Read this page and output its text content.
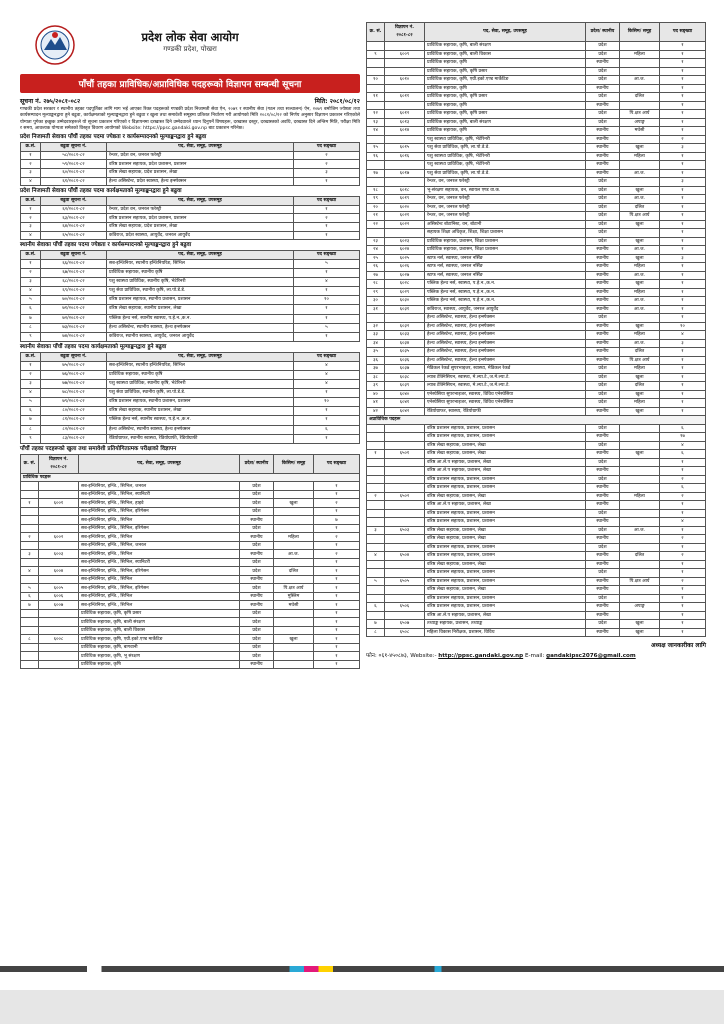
प्रदेश लोक सेवा आयोग
गण्डकी प्रदेश, पोखरा
पाँचौं तहका प्राविधिक/अप्राविधिक पदहरूको विज्ञापन सम्बन्धी सूचना
सूचना नं. २७५/२०८१-०८२	मिति: २०८१/०८/१२
गण्डकी प्रदेश सरकार र स्थानीय तहका पदपूर्तिका लागि माग भई आएका रिक्त पदहरूको गण्डकी प्रदेश निजामती सेवा ऐन, २०७९ र स्थानीय सेवा (गठन तथा सञ्चालन) ऐन, २०७९ बमोजिम ज्येष्ठता तथा कार्यसम्पादन मूल्याङ्कनद्वारा हुने बढुवा, कार्यक्षमताको मूल्याङ्कनद्वारा हुने बढुवा र खुला तथा समावेशी समूहमा प्रतिशत निर्धारण गरी आयोगको मिति २०८१/०८/१२ को निर्णय अनुसार विज्ञापन प्रकाशन गरिएकोले योग्यता पुगेका इच्छुक उम्मेदवारहरूले यो सूचना प्रकाशन गरिएको र विज्ञापनमा दरखास्त दिने उम्मेदवारले ध्यान दिनुपर्ने विषयहरू, दरखास्त दस्तुर, दरखास्तको अवधि, दरखास्त दिने अन्तिम मिति, परीक्षा मिति र समय, आवश्यक योग्यता समेतको विस्तृत विवरण आयोगको Website: https://ppsc.gandaki.gov.np बाट प्रकाशन गरिनेछ।
प्रदेश निजामती सेवाका पाँचौं तहका पदमा ज्येष्ठता र कार्यसम्पादनको मूल्याङ्कनद्वारा हुने बढुवा
क्र.सं.	बढुवा सूचना नं.	पद, सेवा, समूह, उपसमूह	पद सङ्ख्या
१	५८/२०८१-८२	रेन्जर, प्रदेश वन, जनरल फरेस्ट्री	२
२	५९/२०८१-८२	वरिष्ठ प्रशासन सहायक, प्रदेश प्रशासन, प्रशासन	२
३	६०/२०८१-८२	वरिष्ठ लेखा सहायक, प्रदेश प्रशासन, लेखा	३
४	६१/२०८१-८२	हेल्थ असिस्टेन्ट, प्रदेश स्वास्थ्य, हेल्थ इन्स्पेक्सन	१
प्रदेश निजामती सेवाका पाँचौं तहका पदमा कार्यक्षमताको मूल्याङ्कनद्वारा हुने बढुवा
क्र.सं.	बढुवा सूचना नं.	पद, सेवा, समूह, उपसमूह	पद सङ्ख्या
१	६२/२०८१-८२	रेन्जर, प्रदेश वन, जनरल फरेस्ट्री	१
२	६३/२०८१-८२	वरिष्ठ प्रशासन सहायक, प्रदेश प्रशासन, प्रशासन	२
३	६४/२०८१-८२	वरिष्ठ लेखा सहायक, प्रदेश प्रशासन, लेखा	१
४	६५/२०८१-८२	कविराज, प्रदेश स्वास्थ्य, आयुर्वेद, जनरल आयुर्वेद	१
स्थानीय सेवाका पाँचौं तहका पदमा ज्येष्ठता र कार्यसम्पादनको मूल्याङ्कनद्वारा हुने बढुवा
क्र.सं.	बढुवा सूचना नं.	पद, सेवा, समूह, उपसमूह	पद सङ्ख्या
१	६६/२०८१-८२	सब-इन्जिनियर, स्थानीय इन्जिनियरिङ, सिभिल	५
२	६७/२०८१-८२	प्राविधिक सहायक, स्थानीय कृषि	१
३	६८/२०८१-८२	पशु स्वास्थ्य प्राविधिक, स्थानीय कृषि, भेटेरिनरी	४
४	६९/२०८१-८२	पशु सेवा प्राविधिक, स्थानीय कृषि, ला.पो.डे.डे.	१
५	७०/२०८१-८२	वरिष्ठ प्रशासन सहायक, स्थानीय प्रशासन, प्रशासन	१०
६	७१/२०८१-८२	वरिष्ठ लेखा सहायक, स्थानीय प्रशासन, लेखा	१
७	७२/२०८१-८२	पब्लिक हेल्थ नर्स, स्थानीय स्वास्थ्य, प.हे.न.,क.न.	१
८	७३/२०८१-८२	हेल्थ असिस्टेन्ट, स्थानीय स्वास्थ्य, हेल्थ इन्स्पेक्सन	५
९	७४/२०८१-८२	कविराज, स्थानीय स्वास्थ्य, आयुर्वेद, जनरल आयुर्वेद	१
स्थानीय सेवाका पाँचौं तहका पदमा कार्यक्षमताको मूल्याङ्कनद्वारा हुने बढुवा
क्र.सं.	बढुवा सूचना नं.	पद, सेवा, समूह, उपसमूह	पद सङ्ख्या
१	७५/२०८१-८२	सब-इन्जिनियर, स्थानीय इन्जिनियरिङ, सिभिल	४
२	७६/२०८१-८२	प्राविधिक सहायक, स्थानीय कृषि	४
३	७७/२०८१-८२	पशु स्वास्थ्य प्राविधिक, स्थानीय कृषि, भेटेरिनरी	४
४	७८/२०८१-८२	पशु सेवा प्राविधिक, स्थानीय कृषि, ला.पो.डे.डे.	१
५	७९/२०८१-८२	वरिष्ठ प्रशासन सहायक, स्थानीय प्रशासन, प्रशासन	१०
६	८०/२०८१-८२	वरिष्ठ लेखा सहायक, स्थानीय प्रशासन, लेखा	१
७	८१/२०८१-८२	पब्लिक हेल्थ नर्स, स्थानीय स्वास्थ्य, प.हे.न.,क.न.	१
८	८२/२०८१-८२	हेल्थ असिस्टेन्ट, स्थानीय स्वास्थ्य, हेल्थ इन्स्पेक्सन	६
९	८३/२०८१-८२	रेडियोग्राफर, स्थानीय स्वास्थ्य, रेडियोग्राफी, रेडियोग्राफी	१
पाँचौं तहका पदहरूको खुला तथा समावेशी प्रतियोगितात्मक परीक्षाको विज्ञापन
क्र. सं.	विज्ञापन नं. २०८१-८२	पद, सेवा, समूह, उपसमूह	प्रदेश/ स्थानीय	किसिम/ समूह	पद सङ्ख्या
प्राविधिक पदहरू					
		सब-इन्जिनियर, इन्जि., सिभिल, जनरल	प्रदेश		१
		सब-इन्जिनियर, इन्जि., सिभिल, स्यानिटरी	प्रदेश		१
१	६००१	सब-इन्जिनियर, इन्जि., सिभिल, हाइवे	प्रदेश	खुला	२
		सब-इन्जिनियर, इन्जि., सिभिल, इरिगेसन	प्रदेश		१
		सब-इन्जिनियर, इन्जि., सिभिल	स्थानीय		७
		सब-इन्जिनियर, इन्जि., सिभिल, इरिगेसन	प्रदेश		१
२	६००२	सब-इन्जिनियर, इन्जि., सिभिल	स्थानीय	महिला	२
		सब-इन्जिनियर, इन्जि., सिभिल, जनरल	प्रदेश		१
३	६००३	सब-इन्जिनियर, इन्जि., सिभिल	स्थानीय	आ.ज.	२
		सब-इन्जिनियर, इन्जि., सिभिल, स्यानिटरी	प्रदेश		१
४	६००४	सब-इन्जिनियर, इन्जि., सिभिल, इरिगेसन	प्रदेश	दलित	१
		सब-इन्जिनियर, इन्जि., सिभिल	स्थानीय		१
५	६००५	सब-इन्जिनियर, इन्जि., सिभिल, इरिगेसन	प्रदेश	पि.क्षत्र आर्य	१
६	६००६	सब-इन्जिनियर, इन्जि., सिभिल	स्थानीय	मुस्लिम	१
७	६००७	सब-इन्जिनियर, इन्जि., सिभिल	स्थानीय	मधेसी	१
		प्राविधिक सहायक, कृषि, कृषि प्रसार	प्रदेश		१
		प्राविधिक सहायक, कृषि, बाली संरक्षण	प्रदेश		१
		प्राविधिक सहायक, कृषि, बाली विकास	प्रदेश		१
८	६००८	प्राविधिक सहायक, कृषि, एग्री.इको.एण्ड मार्केटिङ	प्रदेश	खुला	१
		प्राविधिक सहायक, कृषि, बागवानी	प्रदेश		१
		प्राविधिक सहायक, कृषि, भू संरक्षण	प्रदेश		१
		प्राविधिक सहायक, कृषि	स्थानीय		१
क्र. सं.	विज्ञापन नं. २०८१-८२	पद, सेवा, समूह, उपसमूह	प्रदेश/ स्थानीय	किसिम/ समूह	पद सङ्ख्या
		प्राविधिक सहायक, कृषि, बाली संरक्षण	प्रदेश		१
९	६००९	प्राविधिक सहायक, कृषि, बाली विकास	प्रदेश	महिला	१
		प्राविधिक सहायक, कृषि	स्थानीय		१
		प्राविधिक सहायक, कृषि, कृषि प्रसार	प्रदेश		१
१०	६०१०	प्राविधिक सहायक, कृषि, एग्री.इको.एण्ड मार्केटिङ	प्रदेश	आ.ज.	१
		प्राविधिक सहायक, कृषि	स्थानीय		१
११	६०११	प्राविधिक सहायक, कृषि, कृषि प्रसार	प्रदेश	दलित	१
		प्राविधिक सहायक, कृषि	स्थानीय		१
१२	६०१२	प्राविधिक सहायक, कृषि, कृषि प्रसार	प्रदेश	पि.क्षत्र आर्य	१
१३	६०१३	प्राविधिक सहायक, कृषि, बाली संरक्षण	प्रदेश	अपाङ्ग	१
१४	६०१४	प्राविधिक सहायक, कृषि	स्थानीय	मधेसी	१
		पशु स्वास्थ्य प्राविधिक, कृषि, भेटेरिनरी	स्थानीय		२
१५	६०१५	पशु सेवा प्राविधिक, कृषि, ला.पो.डे.डे.	स्थानीय	खुला	३
१६	६०१६	पशु स्वास्थ्य प्राविधिक, कृषि, भेटेरिनरी	स्थानीय	महिला	१
		पशु स्वास्थ्य प्राविधिक, कृषि, भेटेरिनरी	स्थानीय		१
१७	६०१७	पशु सेवा प्राविधिक, कृषि, ला.पो.डे.डे.	स्थानीय	आ.ज.	१
		रेन्जर, वन, जनरल फरेस्ट्री	प्रदेश		३
१८	६०१८	भू-संरक्षण सहायक, वन, स्वायल एण्ड वा.क.	प्रदेश	खुला	१
१९	६०१९	रेन्जर, वन, जनरल फरेस्ट्री	प्रदेश	आ.ज.	१
२०	६०२०	रेन्जर, वन, जनरल फरेस्ट्री	प्रदेश	दलित	१
२१	६०२१	रेन्जर, वन, जनरल फरेस्ट्री	प्रदेश	पि.क्षत्र आर्य	१
२२	६०२२	असिस्टेन्ट बोटानिस्ट, वन, बोटानी	प्रदेश	खुला	१
		सहायक शिक्षा अधिकृत, शिक्षा, शिक्षा प्रशासन	प्रदेश		१
२३	६०२३	प्राविधिक सहायक, प्रशासन, शिक्षा प्रशासन	प्रदेश	खुला	१
२४	६०२४	प्राविधिक सहायक, प्रशासन, शिक्षा प्रशासन	स्थानीय	आ.ज.	१
२५	६०२५	स्टाफ नर्स, स्वास्थ्य, जनरल नर्सिङ	स्थानीय	खुला	३
२६	६०२६	स्टाफ नर्स, स्वास्थ्य, जनरल नर्सिङ	स्थानीय	महिला	१
२७	६०२७	स्टाफ नर्स, स्वास्थ्य, जनरल नर्सिङ	स्थानीय	आ.ज.	१
२८	६०२८	पब्लिक हेल्थ नर्स, स्वास्थ्य, प.हे.न.,क.न.	स्थानीय	खुला	१
२९	६०२९	पब्लिक हेल्थ नर्स, स्वास्थ्य, प.हे.न.,क.न.	स्थानीय	महिला	१
३०	६०३०	पब्लिक हेल्थ नर्स, स्वास्थ्य, प.हे.न.,क.न.	स्थानीय	आ.ज.	१
३१	६०३१	कविराज, स्वास्थ्य, आयुर्वेद, जनरल आयुर्वेद	स्थानीय	आ.ज.	१
		हेल्थ असिस्टेन्ट, स्वास्थ्य, हेल्थ इन्स्पेक्सन	प्रदेश		१
३२	६०३२	हेल्थ असिस्टेन्ट, स्वास्थ्य, हेल्थ इन्स्पेक्सन	स्थानीय	खुला	१०
३३	६०३३	हेल्थ असिस्टेन्ट, स्वास्थ्य, हेल्थ इन्स्पेक्सन	स्थानीय	महिला	४
३४	६०३४	हेल्थ असिस्टेन्ट, स्वास्थ्य, हेल्थ इन्स्पेक्सन	स्थानीय	आ.ज.	३
३५	६०३५	हेल्थ असिस्टेन्ट, स्वास्थ्य, हेल्थ इन्स्पेक्सन	स्थानीय	दलित	१
३६	६०३६	हेल्थ असिस्टेन्ट, स्वास्थ्य, हेल्थ इन्स्पेक्सन	स्थानीय	पि.क्षत्र आर्य	१
३७	६०३७	मेडिकल रेकर्ड सुपरभाइजर, स्वास्थ्य, मेडिकल रेकर्ड	प्रदेश	महिला	१
३८	६०३८	ल्याब टेक्निसियन, स्वास्थ्य, मे.ल्या.टे.,ज.मे.ल्या.टे.	प्रदेश	खुला	१
३९	६०३९	ल्याब टेक्निसियन, स्वास्थ्य, मे.ल्या.टे.,ज.मे.ल्या.टे.	प्रदेश	दलित	१
४०	६०४०	एनेस्थेसिया सुपरभाइजर, स्वास्थ्य, विविध एनेस्थेसिया	प्रदेश	खुला	१
४१	६०४१	एनेस्थेसिया सुपरभाइजर, स्वास्थ्य, विविध एनेस्थेसिया	प्रदेश	महिला	१
४२	६०४२	रेडियोग्राफर, स्वास्थ्य, रेडियोग्राफी	स्थानीय	खुला	१
अप्राविधिक पदहरू					
		वरिष्ठ प्रशासन सहायक, प्रशासन, प्रशासन	प्रदेश		६
		वरिष्ठ प्रशासन सहायक, प्रशासन, प्रशासन	स्थानीय		१७
		वरिष्ठ लेखा सहायक, प्रशासन, लेखा	प्रदेश		४
१	६५०१	वरिष्ठ लेखा सहायक, प्रशासन, लेखा	स्थानीय	खुला	६
		वरिष्ठ आ.ले.प सहायक, प्रशासन, लेखा	प्रदेश		१
		वरिष्ठ आ.ले.प सहायक, प्रशासन, लेखा	स्थानीय		१
		वरिष्ठ प्रशासन सहायक, प्रशासन, प्रशासन	प्रदेश		२
		वरिष्ठ प्रशासन सहायक, प्रशासन, प्रशासन	स्थानीय		६
२	६५०२	वरिष्ठ लेखा सहायक, प्रशासन, लेखा	स्थानीय	महिला	२
		वरिष्ठ आ.ले.प सहायक, प्रशासन, लेखा	स्थानीय		१
		वरिष्ठ प्रशासन सहायक, प्रशासन, प्रशासन	प्रदेश		१
		वरिष्ठ प्रशासन सहायक, प्रशासन, प्रशासन	स्थानीय		४
३	६५०३	वरिष्ठ लेखा सहायक, प्रशासन, लेखा	प्रदेश	आ.ज.	१
		वरिष्ठ लेखा सहायक, प्रशासन, लेखा	स्थानीय		२
		वरिष्ठ प्रशासन सहायक, प्रशासन, प्रशासन	प्रदेश		१
४	६५०४	वरिष्ठ प्रशासन सहायक, प्रशासन, प्रशासन	स्थानीय	दलित	२
		वरिष्ठ लेखा सहायक, प्रशासन, लेखा	स्थानीय		१
		वरिष्ठ प्रशासन सहायक, प्रशासन, प्रशासन	प्रदेश		१
५	६५०५	वरिष्ठ प्रशासन सहायक, प्रशासन, प्रशासन	स्थानीय	पि.क्षत्र आर्य	२
		वरिष्ठ लेखा सहायक, प्रशासन, लेखा	स्थानीय		१
		वरिष्ठ प्रशासन सहायक, प्रशासन, प्रशासन	प्रदेश		१
६	६५०६	वरिष्ठ प्रशासन सहायक, प्रशासन, प्रशासन	स्थानीय	अपाङ्ग	१
		वरिष्ठ आ.ले.प सहायक, प्रशासन, लेखा	स्थानीय		१
७	६५०७	तथ्याङ्क सहायक, प्रशासन, तथ्याङ्क	प्रदेश	खुला	१
८	६५०८	महिला विकास निरीक्षक, प्रशासन, विविध	स्थानीय	खुला	१
अध्यक्ष जानकारीका लागि
फोन: ०६१-४५०८७३, Website:- http://ppsc.gandaki.gov.np E-mail: gandakipsc2076@gmail.com
